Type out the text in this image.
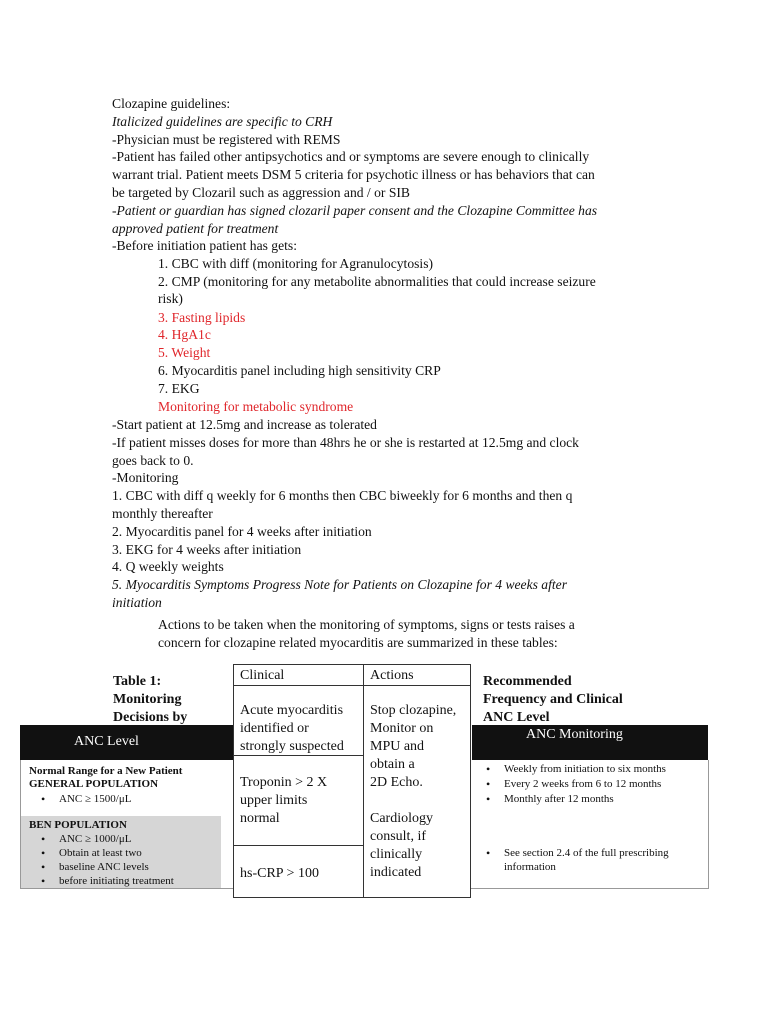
Clozapine guidelines:
Italicized guidelines are specific to CRH
-Physician must be registered with REMS
-Patient has failed other antipsychotics and or symptoms are severe enough to clinically
warrant trial. Patient meets DSM 5 criteria for psychotic illness or has behaviors that can
be targeted by Clozaril such as aggression and / or SIB
-Patient or guardian has signed clozaril paper consent and the Clozapine Committee has
approved patient for treatment
-Before initiation patient has gets:
1. CBC with diff (monitoring for Agranulocytosis)
2. CMP (monitoring for any metabolite abnormalities that could increase seizure
risk)
3. Fasting lipids
4. HgA1c
5. Weight
6. Myocarditis panel including high sensitivity CRP
7. EKG
Monitoring for metabolic syndrome
-Start patient at 12.5mg and increase as tolerated
-If patient misses doses for more than 48hrs he or she is restarted at 12.5mg and clock
goes back to 0.
-Monitoring
1. CBC with diff q weekly for 6 months then CBC biweekly for 6 months and then q
monthly thereafter
2. Myocarditis panel for 4 weeks after initiation
3. EKG for 4 weeks after initiation
4. Q weekly weights
5. Myocarditis Symptoms Progress Note for Patients on Clozapine for 4 weeks after
initiation
Actions to be taken when the monitoring of symptoms, signs or tests raises a
concern for clozapine related myocarditis are summarized in these tables:
Table 1:
Monitoring
Decisions by
Recommended
Frequency and Clinical
ANC Level
ANC Level	ANC Monitoring
Normal Range for a New Patient
GENERAL POPULATION
• ANC ≥ 1500/μL
BEN POPULATION
• ANC ≥ 1000/μL
• Obtain at least two
• baseline ANC levels
• before initiating treatment
• Weekly from initiation to six months
• Every 2 weeks from 6 to 12 months
• Monthly after 12 months
• See section 2.4 of the full prescribing
information
Clinical
Acute myocarditis
identified or
strongly suspected
Troponin > 2 X
upper limits
normal
hs-CRP > 100
Actions
Stop clozapine,
Monitor on
MPU and
obtain a
2D Echo.
Cardiology
consult, if
clinically
indicated
